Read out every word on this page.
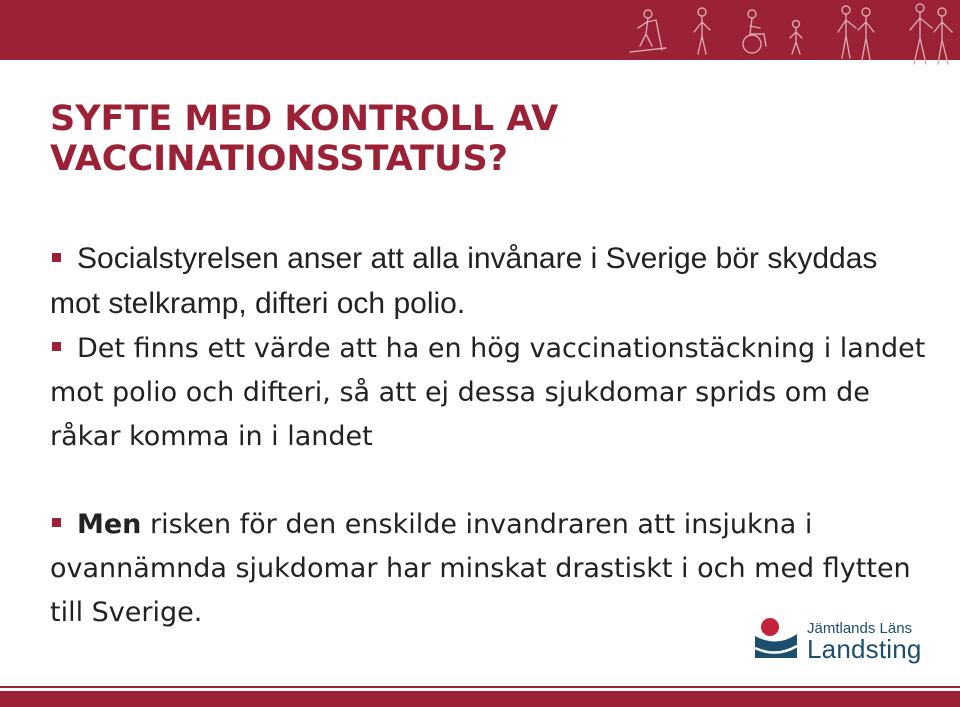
SYFTE MED KONTROLL AV
VACCINATIONSSTATUS?
Socialstyrelsen anser att alla invånare i Sverige bör skyddas mot stelkramp, difteri och polio.
Det finns ett värde att ha en hög vaccinationstäckning i landet mot polio och difteri, så att ej dessa sjukdomar sprids om de råkar komma in i landet
Men risken för den enskilde invandraren att insjukna i ovannämnda sjukdomar har minskat drastiskt i och med flytten till Sverige.
Jämtlands Läns
Landsting
